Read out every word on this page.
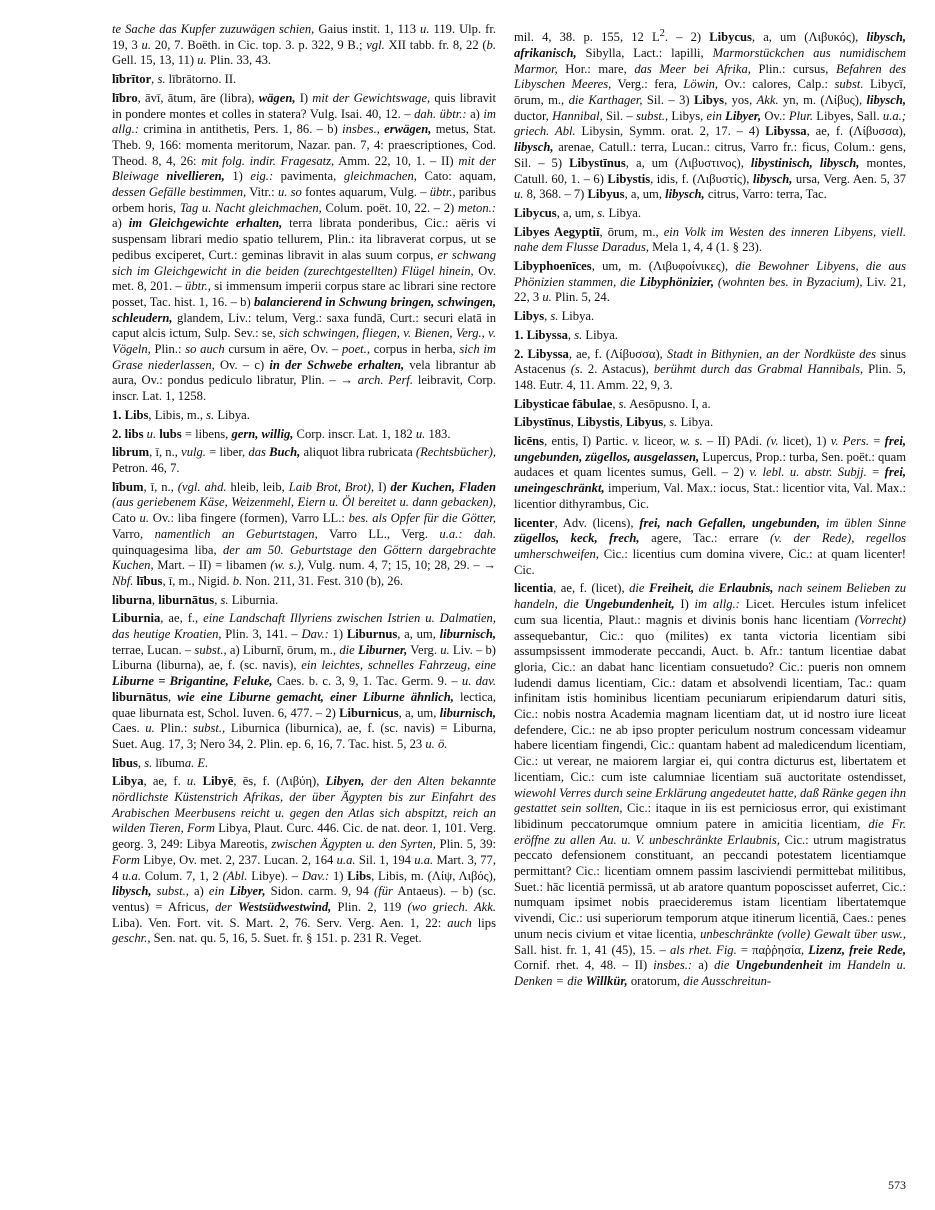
te Sache das Kupfer zuzuwägen schien, Gaius instit. 1, 113 u. 119. Ulp. fr. 19, 3 u. 20, 7. Boëth. in Cic. top. 3. p. 322, 9 B.; vgl. XII tabb. fr. 8, 22 (b. Gell. 15, 13, 11) u. Plin. 33, 43.

lībrītor, s. lībrātorno. II.

lībro, āvī, ātum, āre (libra), wägen, I) mit der Gewichtswage, quis libravit in pondere montes et colles in statera? Vulg. Isai. 40, 12. – dah. übtr.: a) im allg.: crimina in antithetis, Pers. 1, 86. – b) insbes., erwägen, metus, Stat. Theb. 9, 166: momenta meritorum, Nazar. pan. 7, 4: praescriptiones, Cod. Theod. 8, 4, 26: mit folg. indir. Fragesatz, Amm. 22, 10, 1. – II) mit der Bleiwage nivellieren, 1) eig.: pavimenta, gleichmachen, Cato: aquam, dessen Gefälle bestimmen, Vitr.: u. so fontes aquarum, Vulg. – übtr., paribus orbem horis, Tag u. Nacht gleichmachen, Colum. poët. 10, 22. – 2) meton.: a) im Gleichgewichte erhalten, terra librata ponderibus, Cic.: aëris vi suspensam librari medio spatio tellurem, Plin.: ita libraverat corpus, ut se pedibus exciperet, Curt.: geminas libravit in alas suum corpus, er schwang sich im Gleichgewicht in die beiden (zurechtgestellten) Flügel hinein, Ov. met. 8, 201. – übtr., si immensum imperii corpus stare ac librari sine rectore posset, Tac. hist. 1, 16. – b) balancierend in Schwung bringen, schwingen, schleudern, glandem, Liv.: telum, Verg.: saxa fundā, Curt.: securi elatā in caput alcis ictum, Sulp. Sev.: se, sich schwingen, fliegen, v. Bienen, Verg., v. Vögeln, Plin.: so auch cursum in aëre, Ov. – poet., corpus in herba, sich im Grase niederlassen, Ov. – c) in der Schwebe erhalten, vela librantur ab aura, Ov.: pondus pediculo libratur, Plin. – → arch. Perf. leibravit, Corp. inscr. Lat. 1, 1258.

1. Libs, Libis, m., s. Libya.

2. libs u. lubs = libens, gern, willig, Corp. inscr. Lat. 1, 182 u. 183.

librum, ī, n., vulg. = liber, das Buch, aliquot libra rubricata (Rechtsbücher), Petron. 46, 7.

lībum, ī, n., (vgl. ahd. hleib, leib, Laib Brot, Brot), I) der Kuchen, Fladen (aus geriebenem Käse, Weizenmehl, Eiern u. Öl bereitet u. dann gebacken), Cato u. Ov.: liba fingere (formen), Varro LL.: bes. als Opfer für die Götter, Varro, namentlich an Geburtstagen, Varro LL., Verg. u.a.: dah. quinquagesima liba, der am 50. Geburtstage den Göttern dargebrachte Kuchen, Mart. – II) = libamen (w. s.), Vulg. num. 4, 7; 15, 10; 28, 29. – → Nbf. lībus, ī, m., Nigid. b. Non. 211, 31. Fest. 310 (b), 26.

liburna, liburnātus, s. Liburnia.

Liburnia, ae, f., eine Landschaft Illyriens zwischen Istrien u. Dalmatien, das heutige Kroatien, Plin. 3, 141. – Dav.: 1) Liburnus, a, um, liburnisch, terrae, Lucan. – subst., a) Liburnī, ōrum, m., die Liburner, Verg. u. Liv. – b) Liburna (liburna), ae, f. (sc. navis), ein leichtes, schnelles Fahrzeug, eine Liburne = Brigantine, Feluke, Caes. b. c. 3, 9, 1. Tac. Germ. 9. – u. dav. liburnātus, wie eine Liburne gemacht, einer Liburne ähnlich, lectica, quae liburnata est, Schol. Iuven. 6, 477. – 2) Liburnicus, a, um, liburnisch, Caes. u. Plin.: subst., Liburnica (liburnica), ae, f. (sc. navis) = Liburna, Suet. Aug. 17, 3; Nero 34, 2. Plin. ep. 6, 16, 7. Tac. hist. 5, 23 u. ö.

lībus, s. lībuma. E.

Libya, ae, f. u. Libyē, ēs, f. (Λιβύη), Libyen, der den Alten bekannte nördlichste Küstenstrich Afrikas, der über Ägypten bis zur Einfahrt des Arabischen Meerbusens reicht u. gegen den Atlas sich abspitzt, reich an wilden Tieren, Form Libya, Plaut. Curc. 446. Cic. de nat. deor. 1, 101. Verg. georg. 3, 249: Libya Mareotis, zwischen Ägypten u. den Syrten, Plin. 5, 39: Form Libye, Ov. met. 2, 237. Lucan. 2, 164 u.a. Sil. 1, 194 u.a. Mart. 3, 77, 4 u.a. Colum. 7, 1, 2 (Abl. Libye). – Dav.: 1) Libs, Libis, m. (Λίψ, Λιβός), libysch, subst., a) ein Libyer, Sidon. carm. 9, 94 (für Antaeus). – b) (sc. ventus) = Africus, der Westsüdwestwind, Plin. 2, 119 (wo griech. Akk. Liba). Ven. Fort. vit. S. Mart. 2, 76. Serv. Verg. Aen. 1, 22: auch lips geschr., Sen. nat. qu. 5, 16, 5. Suet. fr. § 151. p. 231 R. Veget.

mil. 4, 38. p. 155, 12 $L^2$. – 2) Libycus, a, um (Λιβυκός), libysch, afrikanisch, Sibylla, Lact.: lapilli, Marmorstückchen aus numidischem Marmor, Hor.: mare, das Meer bei Afrika, Plin.: cursus, Befahren des Libyschen Meeres, Verg.: fera, Löwin, Ov.: calores, Calp.: subst. Libycī, ōrum, m., die Karthager, Sil. – 3) Libys, yos, Akk. yn, m. (Λίβυς), libysch, ductor, Hannibal, Sil. – subst., Libys, ein Libyer, Ov.: Plur. Libyes, Sall. u.a.; griech. Abl. Libysin, Symm. orat. 2, 17. – 4) Libyssa, ae, f. (Λίβυσσα), libysch, arenae, Catull.: terra, Lucan.: citrus, Varro fr.: ficus, Colum.: gens, Sil. – 5) Libystīnus, a, um (Λιβυστινος), libystinisch, libysch, montes, Catull. 60, 1. – 6) Libystis, idis, f. (Λιβυστίς), libysch, ursa, Verg. Aen. 5, 37 u. 8, 368. – 7) Libyus, a, um, libysch, citrus, Varro: terra, Tac.

Libycus, a, um, s. Libya.

Libyes Aegyptiī, ōrum, m., ein Volk im Westen des inneren Libyens, viell. nahe dem Flusse Daradus, Mela 1, 4, 4 (1. § 23).

Libyphoenīces, um, m. (Λιβυφοίνικες), die Bewohner Libyens, die aus Phönizien stammen, die Libyphönizier, (wohnten bes. in Byzacium), Liv. 21, 22, 3 u. Plin. 5, 24.

Libys, s. Libya.

1. Libyssa, s. Libya.

2. Libyssa, ae, f. (Λίβυσσα), Stadt in Bithynien, an der Nordküste des sinus Astacenus (s. 2. Astacus), berühmt durch das Grabmal Hannibals, Plin. 5, 148. Eutr. 4, 11. Amm. 22, 9, 3.

Libysticae fābulae, s. Aesōpusno. I, a.

Libystīnus, Libystis, Libyus, s. Libya.

licēns, entis, I) Partic. v. liceor, w. s. – II) PAdi. (v. licet), 1) v. Pers. = frei, ungebunden, zügellos, ausgelassen, Lupercus, Prop.: turba, Sen. poët.: quam audaces et quam licentes sumus, Gell. – 2) v. lebl. u. abstr. Subjj. = frei, uneingeschränkt, imperium, Val. Max.: iocus, Stat.: licentior vita, Val. Max.: licentior dithyrambus, Cic.

licenter, Adv. (licens), frei, nach Gefallen, ungebunden, im üblen Sinne zügellos, keck, frech, agere, Tac.: errare (v. der Rede), regellos umherschweifen, Cic.: licentius cum domina vivere, Cic.: at quam licenter! Cic.

licentia, ae, f. (licet), die Freiheit, die Erlaubnis, nach seinem Belieben zu handeln, die Ungebundenheit, I) im allg.: Licet. Hercules istum infelicet cum sua licentia, Plaut.: magnis et divinis bonis hanc licentiam (Vorrecht) assequebantur, Cic.: quo (milites) ex tanta victoria licentiam sibi assumpsissent immoderate peccandi, Auct. b. Afr.: tantum licentiae dabat gloria, Cic.: an dabat hanc licentiam consuetudo? Cic.: pueris non omnem ludendi damus licentiam, Cic.: datam et absolvendi licentiam, Tac.: quam infinitam istis hominibus licentiam pecuniarum eripiendarum daturi sitis, Cic.: nobis nostra Academia magnam licentiam dat, ut id nostro iure liceat defendere, Cic.: ne ab ipso propter periculum nostrum concessam videamur habere licentiam fingendi, Cic.: quantam habent ad maledicendum licentiam, Cic.: ut verear, ne maiorem largiar ei, qui contra dicturus est, libertatem et licentiam, Cic.: cum iste calumniae licentiam suā auctoritate ostendisset, wiewohl Verres durch seine Erklärung angedeutet hatte, daß Ränke gegen ihn gestattet sein sollten, Cic.: itaque in iis est perniciosus error, qui existimant libidinum peccatorumque omnium patere in amicitia licentiam, die Fr. eröffne zu allen Au. u. V. unbeschränkte Erlaubnis, Cic.: utrum magistratus peccato defensionem constituant, an peccandi potestatem licentiamque permittant? Cic.: licentiam omnem passim lasciviendi permittebat militibus, Suet.: hāc licentiā permissā, ut ab aratore quantum poposcisset auferret, Cic.: numquam ipsimet nobis praecideremus istam licentiam libertatemque vivendi, Cic.: usi superiorum temporum atque itinerum licentiā, Caes.: penes unum necis civium et vitae licentia, unbeschränkte (volle) Gewalt über usw., Sall. hist. fr. 1, 41 (45), 15. – als rhet. Fig. = παῤῥησία, Lizenz, freie Rede, Cornif. rhet. 4, 48. – II) insbes.: a) die Ungebundenheit im Handeln u. Denken = die Willkür, oratorum, die Ausschreitun-

573
